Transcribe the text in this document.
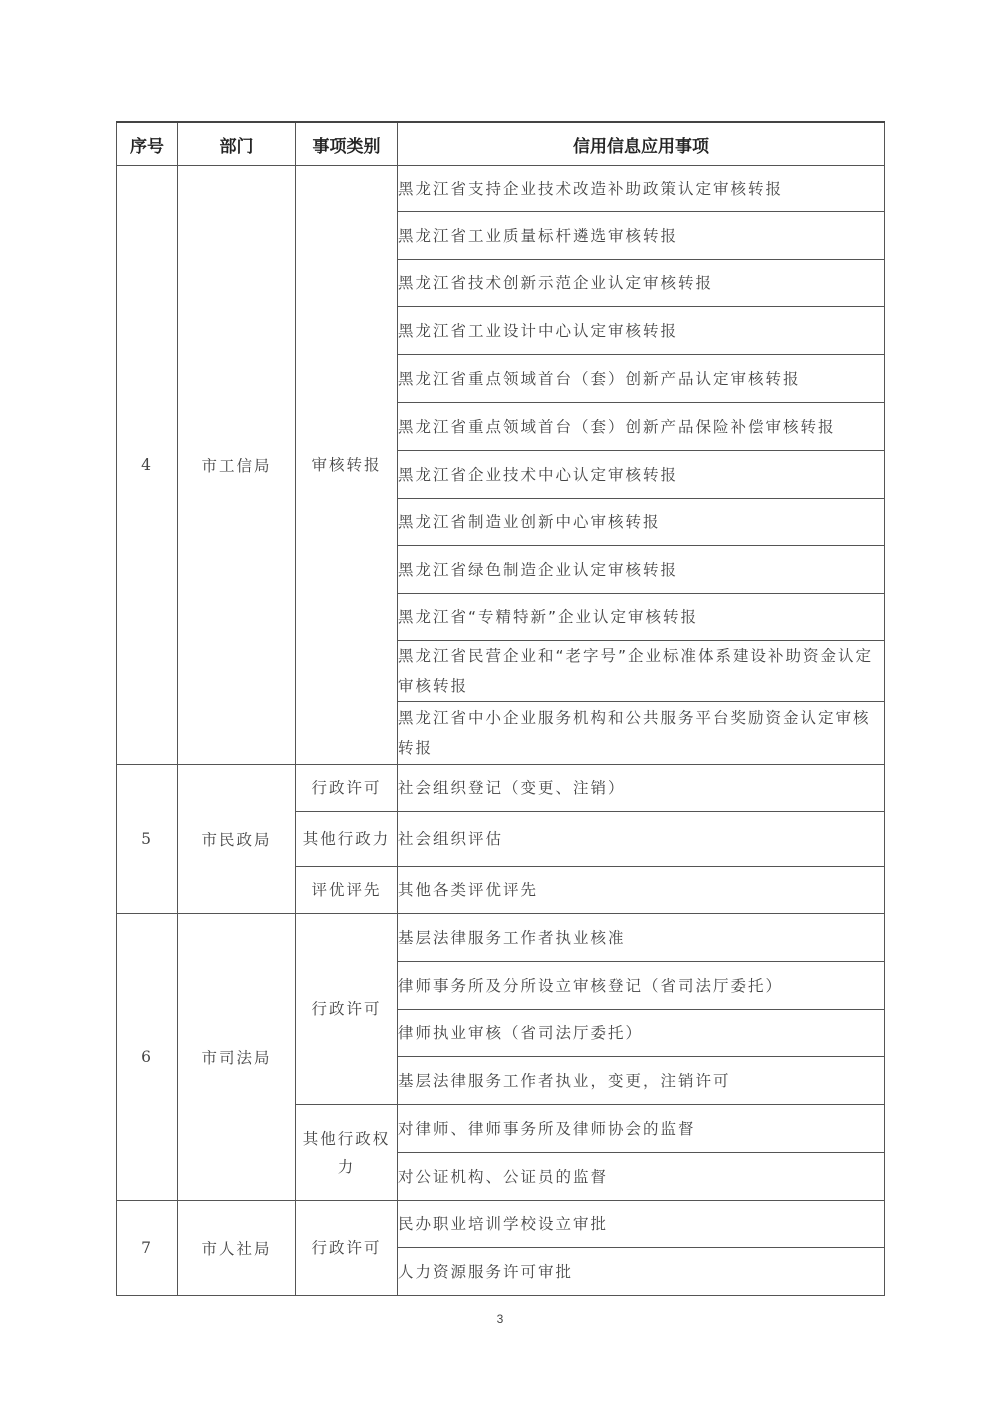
序号	部门	事项类别	信用信息应用事项
4	市工信局	审核转报	黑龙江省支持企业技术改造补助政策认定审核转报
			黑龙江省工业质量标杆遴选审核转报
			黑龙江省技术创新示范企业认定审核转报
			黑龙江省工业设计中心认定审核转报
			黑龙江省重点领域首台（套）创新产品认定审核转报
			黑龙江省重点领域首台（套）创新产品保险补偿审核转报
			黑龙江省企业技术中心认定审核转报
			黑龙江省制造业创新中心审核转报
			黑龙江省绿色制造企业认定审核转报
			黑龙江省“专精特新”企业认定审核转报
			黑龙江省民营企业和“老字号”企业标准体系建设补助资金认定审核转报
			黑龙江省中小企业服务机构和公共服务平台奖励资金认定审核转报
5	市民政局	行政许可	社会组织登记（变更、注销）
		其他行政力	社会组织评估
		评优评先	其他各类评优评先
6	市司法局	行政许可	基层法律服务工作者执业核准
			律师事务所及分所设立审核登记（省司法厅委托）
			律师执业审核（省司法厅委托）
			基层法律服务工作者执业，变更，注销许可
		其他行政权力	对律师、律师事务所及律师协会的监督
			对公证机构、公证员的监督
7	市人社局	行政许可	民办职业培训学校设立审批
			人力资源服务许可审批
3
